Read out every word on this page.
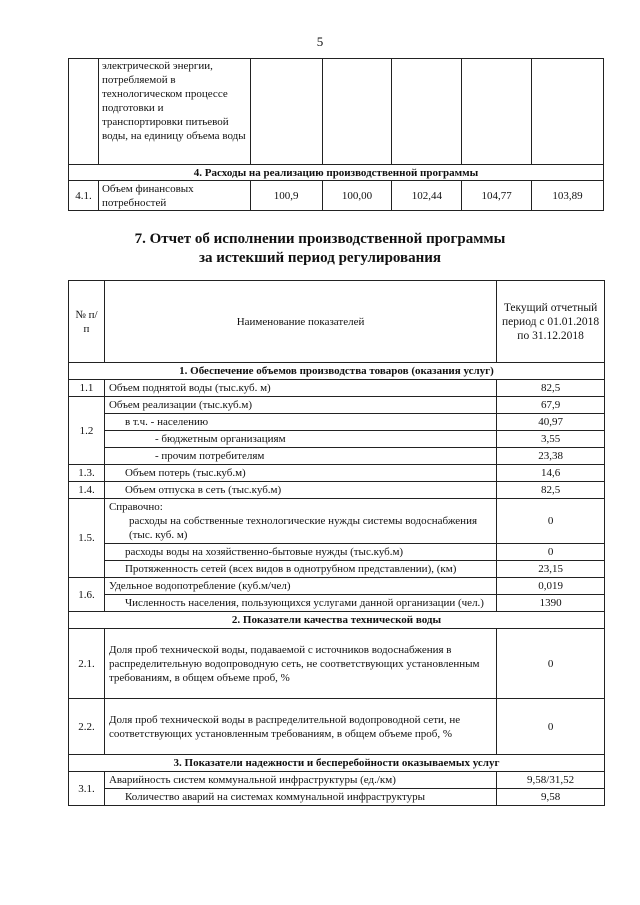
5
	электрической энергии, потребляемой в технологическом процессе подготовки и транспортировки питьевой воды, на единицу объема воды					
4. Расходы на реализацию производственной программы						
4.1.	Объем финансовых потребностей	100,9	100,00	102,44	104,77	103,89
7. Отчет об исполнении производственной программы
за истекший период регулирования
№ п/п	Наименование показателей	Текущий отчетный период с 01.01.2018 по 31.12.2018
1. Обеспечение объемов производства товаров (оказания услуг)		
1.1	Объем поднятой воды (тыс.куб. м)	82,5
1.2	Объем реализации (тыс.куб.м)	67,9
	в т.ч. - населению	40,97
	- бюджетным организациям	3,55
	- прочим потребителям	23,38
1.3.	Объем потерь (тыс.куб.м)	14,6
1.4.	Объем отпуска в сеть (тыс.куб.м)	82,5
1.5.	Справочно:
расходы на собственные технологические нужды системы водоснабжения (тыс. куб. м)	0
	расходы воды на хозяйственно-бытовые нужды (тыс.куб.м)	0
	Протяженность сетей (всех видов в однотрубном представлении), (км)	23,15
1.6.	Удельное водопотребление (куб.м/чел)	0,019
	Численность населения, пользующихся услугами данной организации (чел.)	1390
2. Показатели качества технической воды		
2.1.	Доля проб технической воды, подаваемой с источников водоснабжения в распределительную водопроводную сеть, не соответствующих установленным требованиям, в общем объеме проб, %	0
2.2.	Доля проб технической воды в распределительной водопроводной сети, не соответствующих установленным требованиям, в общем объеме проб, %	0
3. Показатели надежности и бесперебойности оказываемых услуг		
3.1.	Аварийность систем коммунальной инфраструктуры (ед./км)	9,58/31,52
	Количество аварий на системах коммунальной инфраструктуры	9,58
